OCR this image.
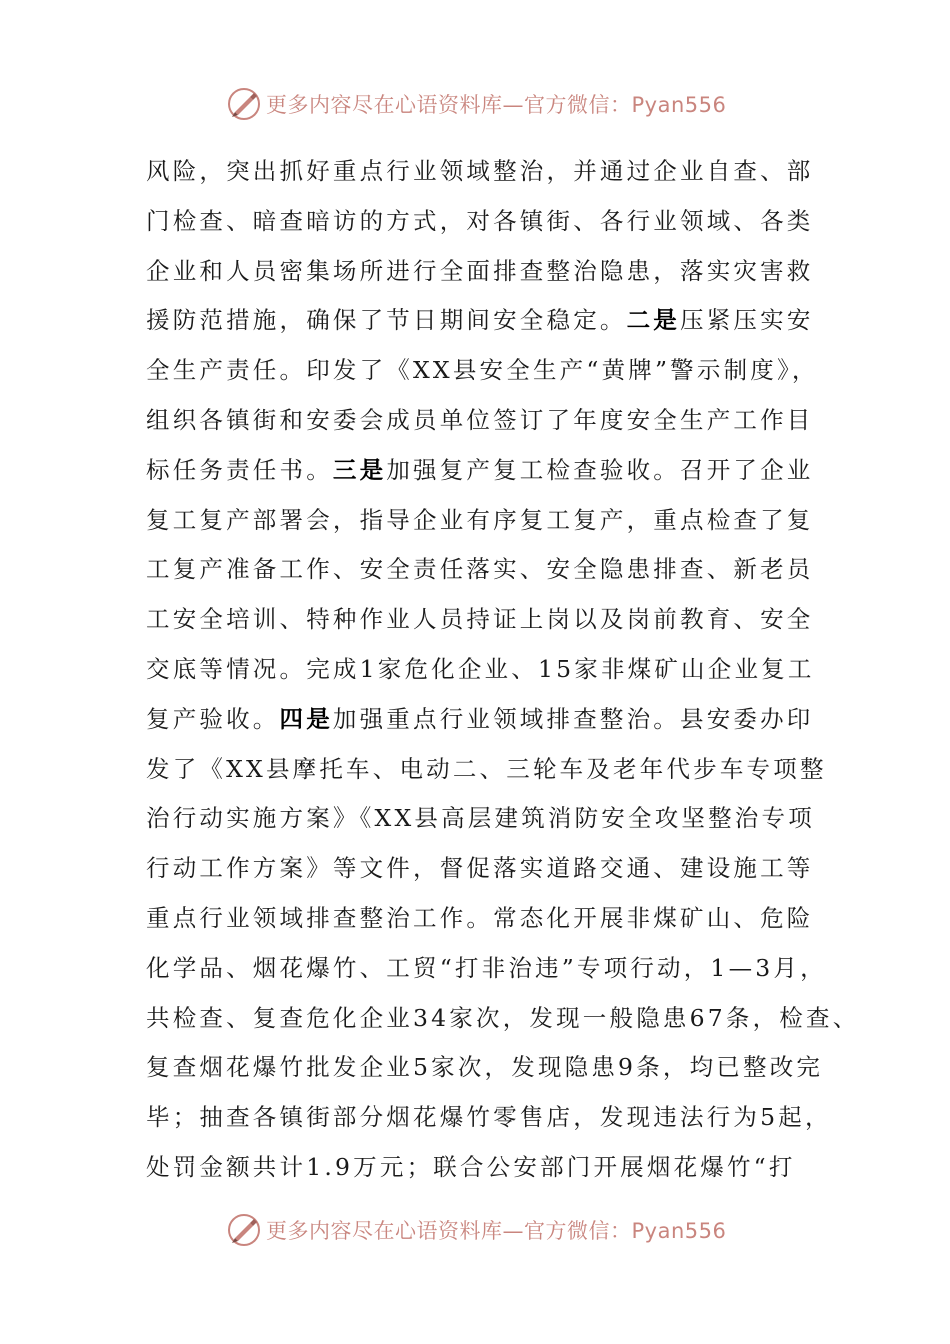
更多内容尽在心语资料库—官方微信：Pyan556
风险，突出抓好重点行业领域整治，并通过企业自查、部
门检查、暗查暗访的方式，对各镇街、各行业领域、各类
企业和人员密集场所进行全面排查整治隐患，落实灾害救
援防范措施，确保了节日期间安全稳定。二是压紧压实安
全生产责任。印发了《XX县安全生产“黄牌”警示制度》，
组织各镇街和安委会成员单位签订了年度安全生产工作目
标任务责任书。三是加强复产复工检查验收。召开了企业
复工复产部署会，指导企业有序复工复产，重点检查了复
工复产准备工作、安全责任落实、安全隐患排查、新老员
工安全培训、特种作业人员持证上岗以及岗前教育、安全
交底等情况。完成1家危化企业、15家非煤矿山企业复工
复产验收。四是加强重点行业领域排查整治。县安委办印
发了《XX县摩托车、电动二、三轮车及老年代步车专项整
治行动实施方案》《XX县高层建筑消防安全攻坚整治专项
行动工作方案》等文件，督促落实道路交通、建设施工等
重点行业领域排查整治工作。常态化开展非煤矿山、危险
化学品、烟花爆竹、工贸“打非治违”专项行动，1—3月，
共检查、复查危化企业34家次，发现一般隐患67条，检查、
复查烟花爆竹批发企业5家次，发现隐患9条，均已整改完
毕；抽查各镇街部分烟花爆竹零售店，发现违法行为5起，
处罚金额共计1.9万元；联合公安部门开展烟花爆竹“打
更多内容尽在心语资料库—官方微信：Pyan556
